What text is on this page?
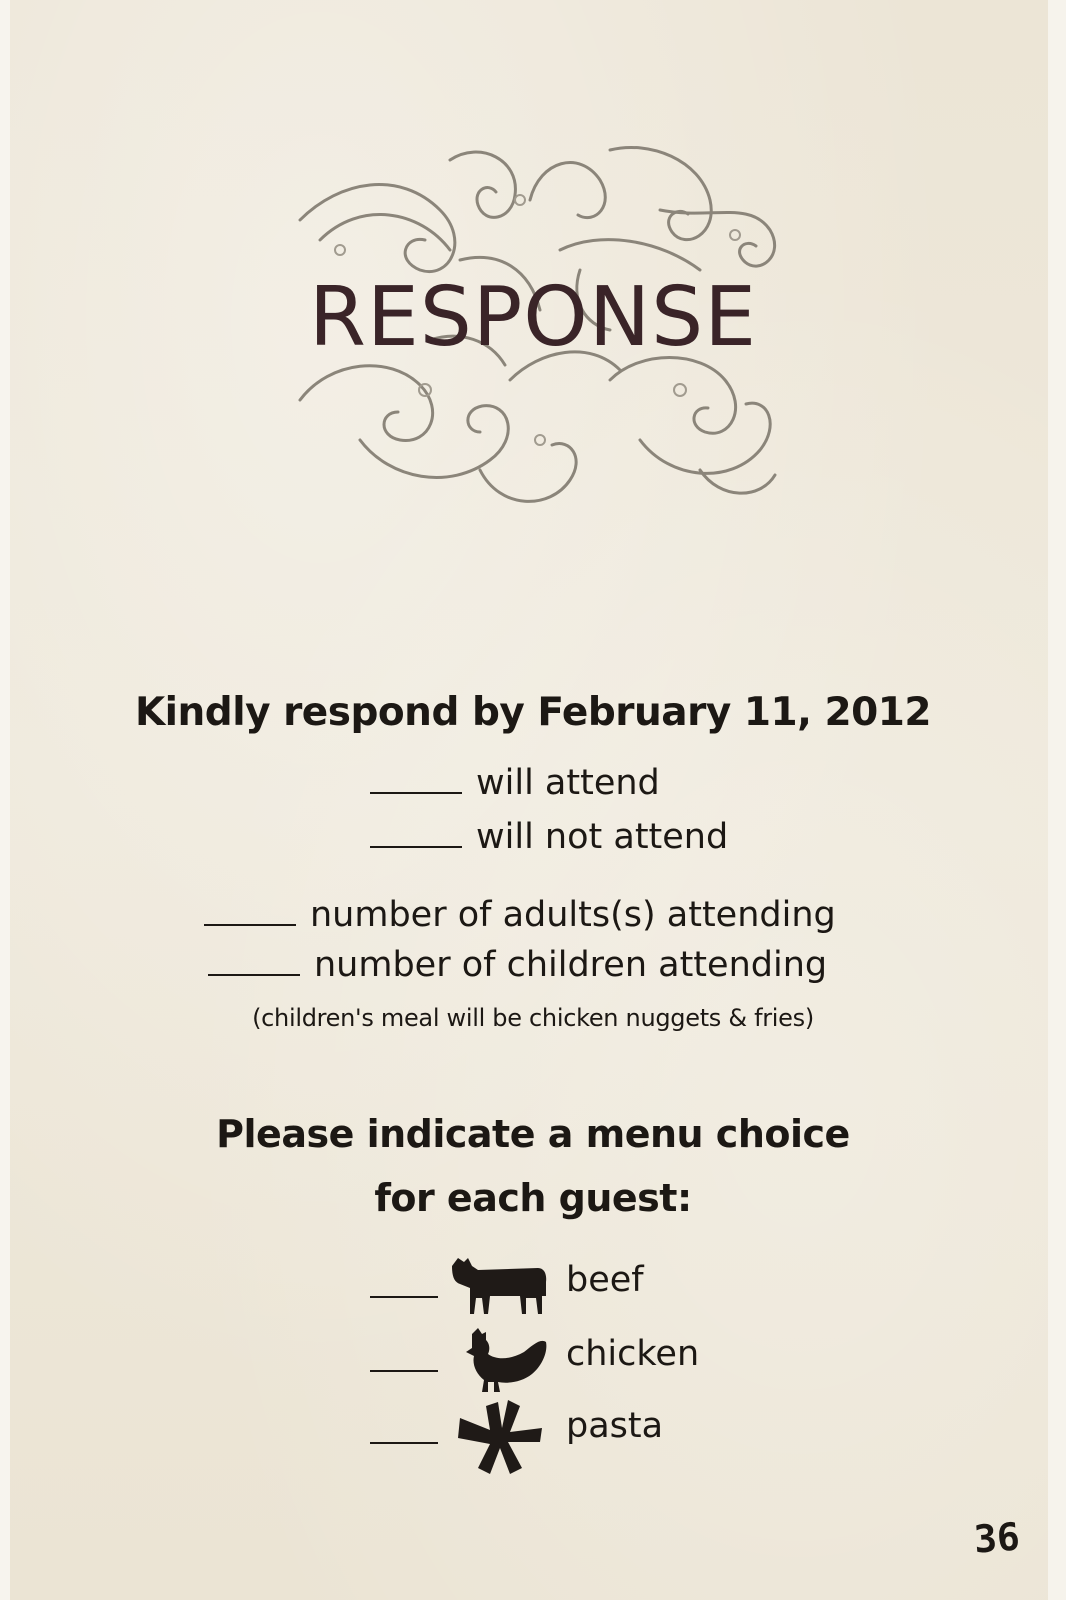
RESPONSE

Kindly respond by February 11, 2012

will attend
will not attend
number of adults(s) attending
number of children attending

(children's meal will be chicken nuggets & fries)

Please indicate a menu choice
for each guest:
beef
chicken
pasta
36
